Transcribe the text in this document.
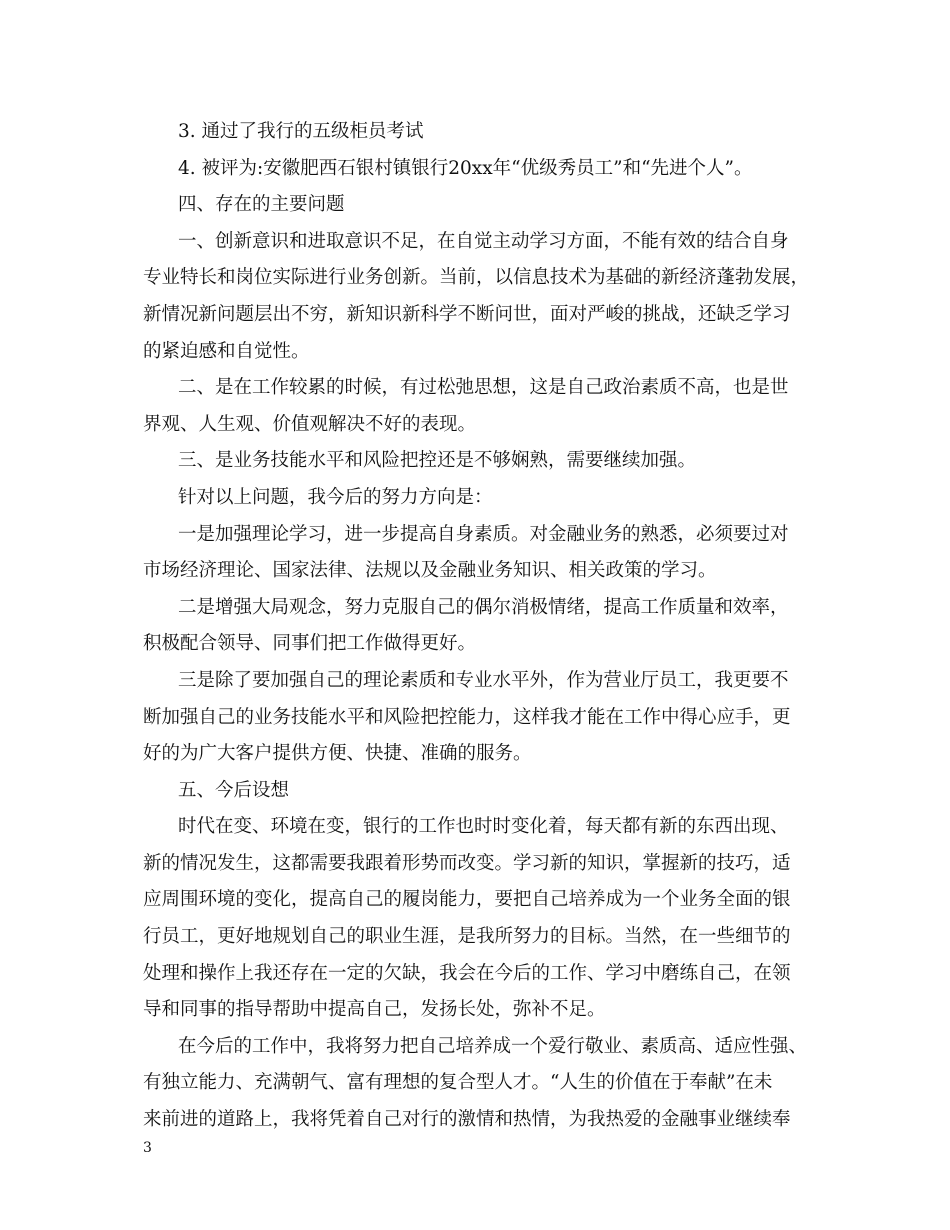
3. 通过了我行的五级柜员考试
4. 被评为:安徽肥西石银村镇银行20xx年“优级秀员工”和“先进个人”。
四、存在的主要问题
一、创新意识和进取意识不足，在自觉主动学习方面，不能有效的结合自身
专业特长和岗位实际进行业务创新。当前，以信息技术为基础的新经济蓬勃发展，
新情况新问题层出不穷，新知识新科学不断问世，面对严峻的挑战，还缺乏学习
的紧迫感和自觉性。
二、是在工作较累的时候，有过松弛思想，这是自己政治素质不高，也是世
界观、人生观、价值观解决不好的表现。
三、是业务技能水平和风险把控还是不够娴熟，需要继续加强。
针对以上问题，我今后的努力方向是：
一是加强理论学习，进一步提高自身素质。对金融业务的熟悉，必须要过对
市场经济理论、国家法律、法规以及金融业务知识、相关政策的学习。
二是增强大局观念，努力克服自己的偶尔消极情绪，提高工作质量和效率，
积极配合领导、同事们把工作做得更好。
三是除了要加强自己的理论素质和专业水平外，作为营业厅员工，我更要不
断加强自己的业务技能水平和风险把控能力，这样我才能在工作中得心应手，更
好的为广大客户提供方便、快捷、准确的服务。
五、今后设想
时代在变、环境在变，银行的工作也时时变化着，每天都有新的东西出现、
新的情况发生，这都需要我跟着形势而改变。学习新的知识，掌握新的技巧，适
应周围环境的变化，提高自己的履岗能力，要把自己培养成为一个业务全面的银
行员工，更好地规划自己的职业生涯，是我所努力的目标。当然，在一些细节的
处理和操作上我还存在一定的欠缺，我会在今后的工作、学习中磨练自己，在领
导和同事的指导帮助中提高自己，发扬长处，弥补不足。
在今后的工作中，我将努力把自己培养成一个爱行敬业、素质高、适应性强、
有独立能力、充满朝气、富有理想的复合型人才。“人生的价值在于奉献”在未
来前进的道路上，我将凭着自己对行的激情和热情，为我热爱的金融事业继续奉
3
